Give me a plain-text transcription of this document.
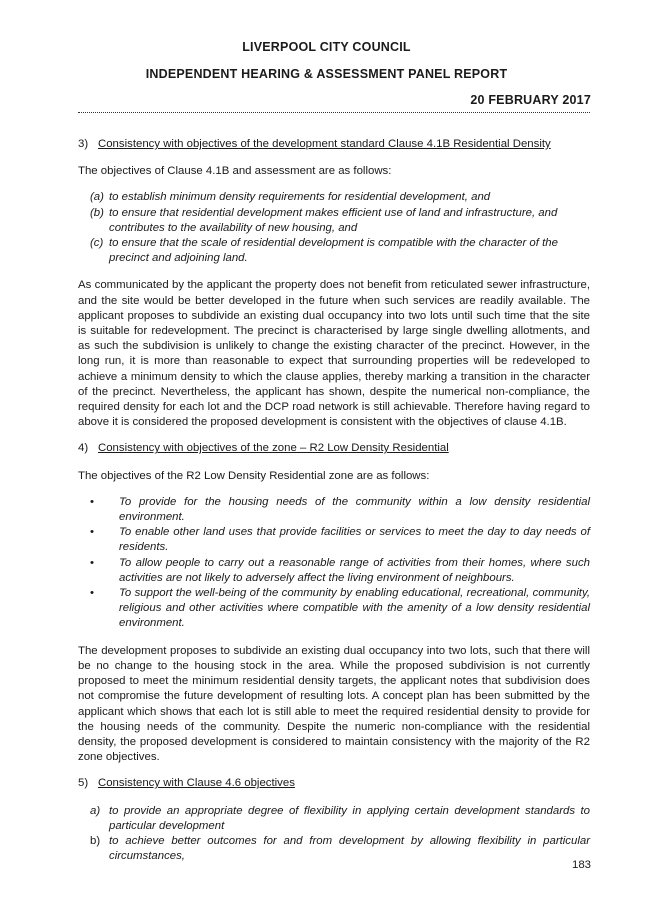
LIVERPOOL CITY COUNCIL
INDEPENDENT HEARING & ASSESSMENT PANEL REPORT
20 FEBRUARY 2017
3) Consistency with objectives of the development standard Clause 4.1B Residential Density

The objectives of Clause 4.1B and assessment are as follows:

(a) to establish minimum density requirements for residential development, and
(b) to ensure that residential development makes efficient use of land and infrastructure, and contributes to the availability of new housing, and
(c) to ensure that the scale of residential development is compatible with the character of the precinct and adjoining land.

As communicated by the applicant the property does not benefit from reticulated sewer infrastructure, and the site would be better developed in the future when such services are readily available. The applicant proposes to subdivide an existing dual occupancy into two lots until such time that the site is suitable for redevelopment. The precinct is characterised by large single dwelling allotments, and as such the subdivision is unlikely to change the existing character of the precinct. However, in the long run, it is more than reasonable to expect that surrounding properties will be redeveloped to achieve a minimum density to which the clause applies, thereby marking a transition in the character of the precinct. Nevertheless, the applicant has shown, despite the numerical non-compliance, the required density for each lot and the DCP road network is still achievable. Therefore having regard to above it is considered the proposed development is consistent with the objectives of clause 4.1B.

4) Consistency with objectives of the zone – R2 Low Density Residential

The objectives of the R2 Low Density Residential zone are as follows:

•	To provide for the housing needs of the community within a low density residential environment.
•	To enable other land uses that provide facilities or services to meet the day to day needs of residents.
•	To allow people to carry out a reasonable range of activities from their homes, where such activities are not likely to adversely affect the living environment of neighbours.
•	To support the well-being of the community by enabling educational, recreational, community, religious and other activities where compatible with the amenity of a low density residential environment.

The development proposes to subdivide an existing dual occupancy into two lots, such that there will be no change to the housing stock in the area. While the proposed subdivision is not currently proposed to meet the minimum residential density targets, the applicant notes that subdivision does not compromise the future development of resulting lots. A concept plan has been submitted by the applicant which shows that each lot is still able to meet the required residential density to provide for the housing needs of the community. Despite the numeric non-compliance with the residential density, the proposed development is considered to maintain consistency with the majority of the R2 zone objectives.

5) Consistency with Clause 4.6 objectives
a) to provide an appropriate degree of flexibility in applying certain development standards to particular development
b) to achieve better outcomes for and from development by allowing flexibility in particular circumstances,
183
